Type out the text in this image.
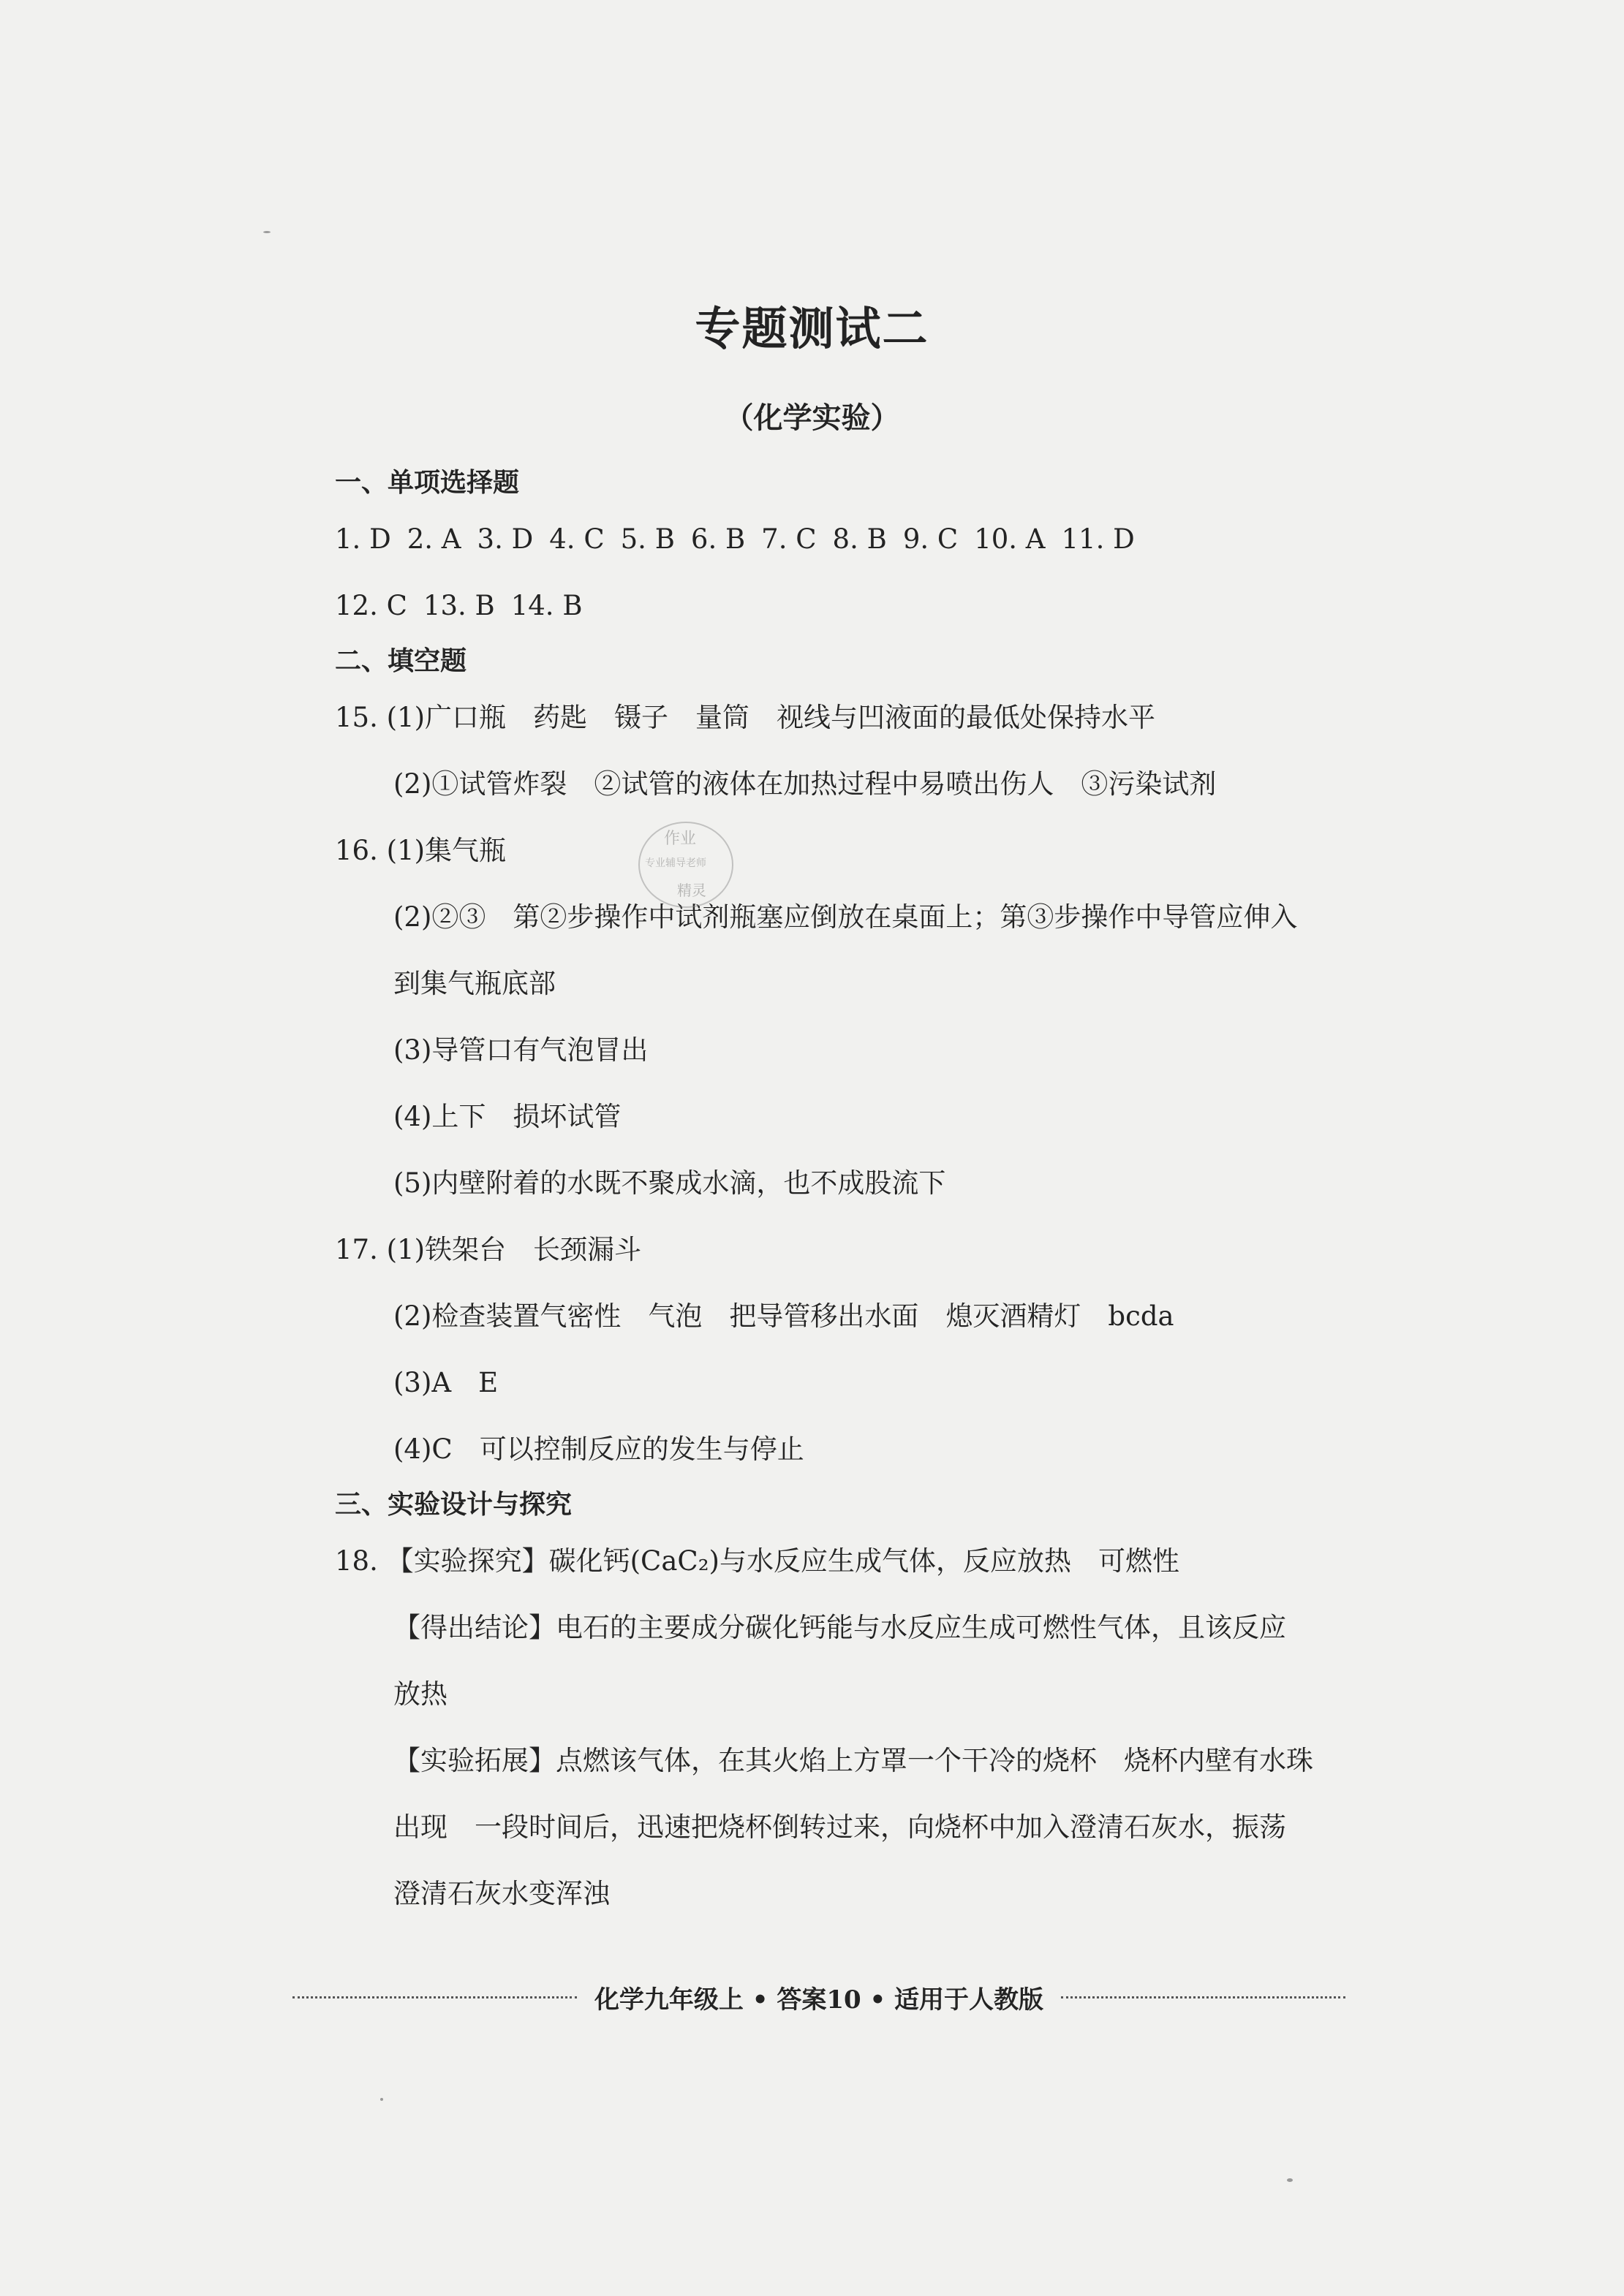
专题测试二
（化学实验）
一、单项选择题
1. D 2. A 3. D 4. C 5. B 6. B 7. C 8. B 9. C 10. A 11. D
12. C 13. B 14. B
二、填空题
15. (1)广口瓶　药匙　镊子　量筒　视线与凹液面的最低处保持水平
(2)①试管炸裂　②试管的液体在加热过程中易喷出伤人　③污染试剂
16. (1)集气瓶
(2)②③　第②步操作中试剂瓶塞应倒放在桌面上；第③步操作中导管应伸入
到集气瓶底部
(3)导管口有气泡冒出
(4)上下　损坏试管
(5)内壁附着的水既不聚成水滴，也不成股流下
17. (1)铁架台　长颈漏斗
(2)检查装置气密性　气泡　把导管移出水面　熄灭酒精灯　bcda
(3)A　E
(4)C　可以控制反应的发生与停止
三、实验设计与探究
18. 【实验探究】碳化钙(CaC₂)与水反应生成气体，反应放热　可燃性
【得出结论】电石的主要成分碳化钙能与水反应生成可燃性气体，且该反应
放热
【实验拓展】点燃该气体，在其火焰上方罩一个干冷的烧杯　烧杯内壁有水珠
出现　一段时间后，迅速把烧杯倒转过来，向烧杯中加入澄清石灰水，振荡
澄清石灰水变浑浊
作业
专业辅导老师
精灵
化学九年级上 • 答案10 • 适用于人教版
